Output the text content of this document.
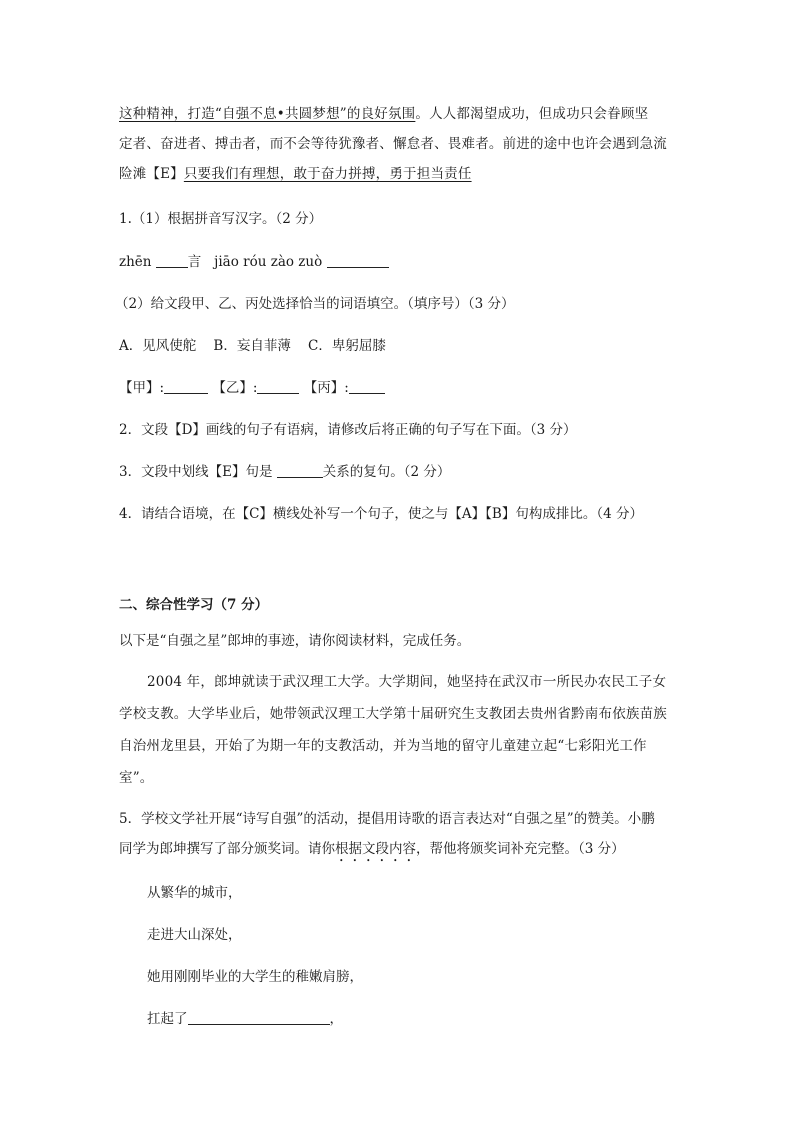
这种精神，打造“自强不息•共圆梦想”的良好氛围。人人都渴望成功，但成功只会眷顾坚
定者、奋进者、搏击者，而不会等待犹豫者、懈怠者、畏难者。前进的途中也许会遇到急流
险滩【E】只要我们有理想，敢于奋力拼搏，勇于担当责任
1.（1）根据拼音写汉字。（2 分）
zhēn	言 jiāo róu zào zuò
（2）给文段甲、乙、丙处选择恰当的词语填空。（填序号）（3 分）
A．见风使舵    B．妄自菲薄    C．卑躬屈膝
【甲】:	【乙】:	【丙】:
2．文段【D】画线的句子有语病，请修改后将正确的句子写在下面。（3 分）
3．文段中划线【E】句是	关系的复句。（2 分）
4．请结合语境，在【C】横线处补写一个句子，使之与【A】【B】句构成排比。（4 分）
二、综合性学习（7 分）
以下是“自强之星”郎坤的事迹，请你阅读材料，完成任务。
2004 年，郎坤就读于武汉理工大学。大学期间，她坚持在武汉市一所民办农民工子女
学校支教。大学毕业后，她带领武汉理工大学第十届研究生支教团去贵州省黔南布依族苗族
自治州龙里县，开始了为期一年的支教活动，并为当地的留守儿童建立起“七彩阳光工作
室”。
5．学校文学社开展“诗写自强”的活动，提倡用诗歌的语言表达对“自强之星”的赞美。小鹏
同学为郎坤撰写了部分颁奖词。请你根据文段内容，帮他将颁奖词补充完整。（3 分）
从繁华的城市，
走进大山深处，
她用刚刚毕业的大学生的稚嫩肩膀，
扛起了	，
